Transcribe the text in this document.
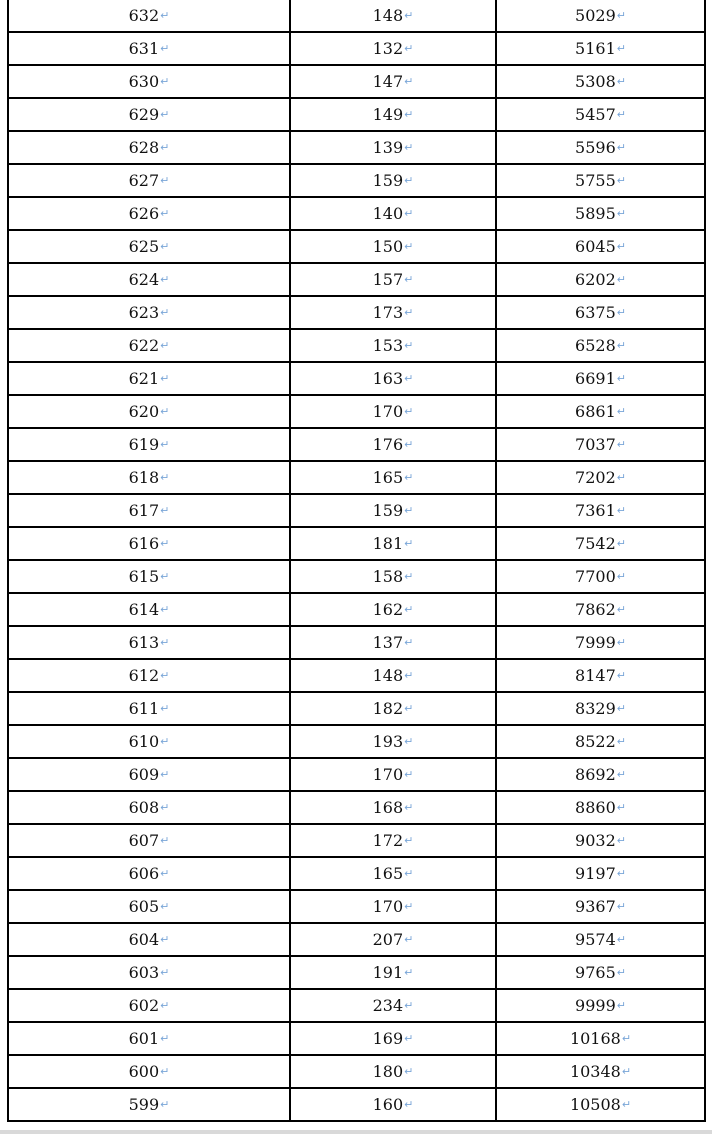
632↵	148↵	5029↵
631↵	132↵	5161↵
630↵	147↵	5308↵
629↵	149↵	5457↵
628↵	139↵	5596↵
627↵	159↵	5755↵
626↵	140↵	5895↵
625↵	150↵	6045↵
624↵	157↵	6202↵
623↵	173↵	6375↵
622↵	153↵	6528↵
621↵	163↵	6691↵
620↵	170↵	6861↵
619↵	176↵	7037↵
618↵	165↵	7202↵
617↵	159↵	7361↵
616↵	181↵	7542↵
615↵	158↵	7700↵
614↵	162↵	7862↵
613↵	137↵	7999↵
612↵	148↵	8147↵
611↵	182↵	8329↵
610↵	193↵	8522↵
609↵	170↵	8692↵
608↵	168↵	8860↵
607↵	172↵	9032↵
606↵	165↵	9197↵
605↵	170↵	9367↵
604↵	207↵	9574↵
603↵	191↵	9765↵
602↵	234↵	9999↵
601↵	169↵	10168↵
600↵	180↵	10348↵
599↵	160↵	10508↵
